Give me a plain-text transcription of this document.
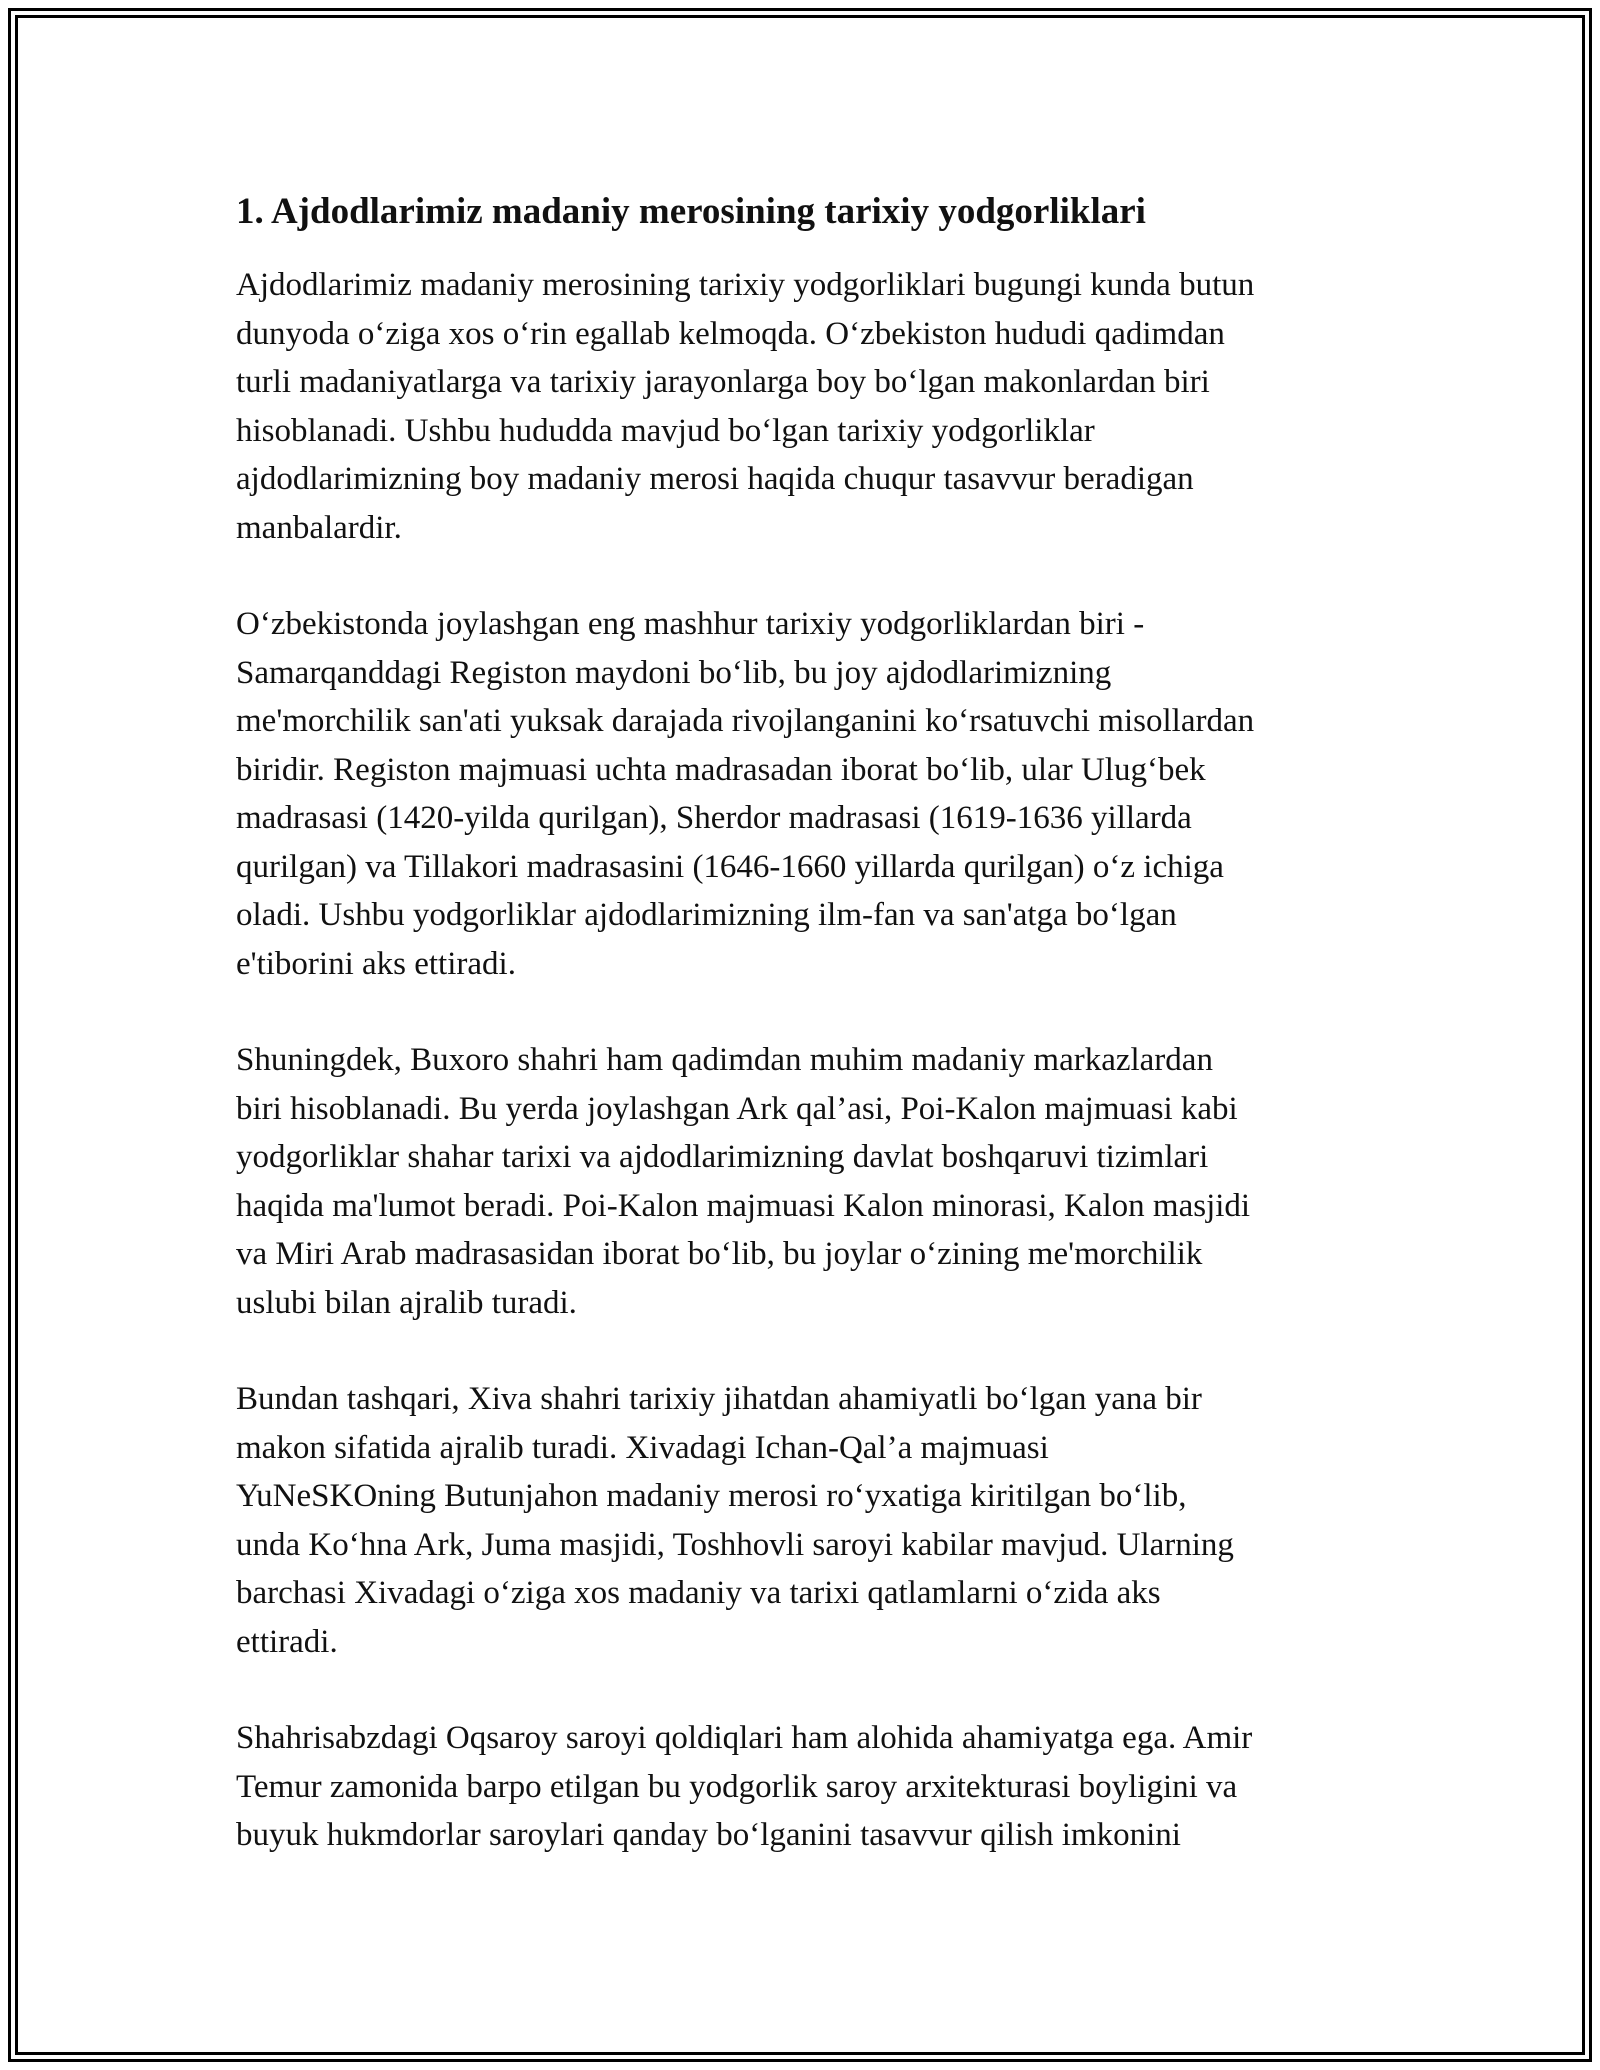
1. Ajdodlarimiz madaniy merosining tarixiy yodgorliklari
Ajdodlarimiz madaniy merosining tarixiy yodgorliklari bugungi kunda butun
dunyoda o‘ziga xos o‘rin egallab kelmoqda. O‘zbekiston hududi qadimdan
turli madaniyatlarga va tarixiy jarayonlarga boy bo‘lgan makonlardan biri
hisoblanadi. Ushbu hududda mavjud bo‘lgan tarixiy yodgorliklar
ajdodlarimizning boy madaniy merosi haqida chuqur tasavvur beradigan
manbalardir.
O‘zbekistonda joylashgan eng mashhur tarixiy yodgorliklardan biri -
Samarqanddagi Registon maydoni bo‘lib, bu joy ajdodlarimizning
me'morchilik san'ati yuksak darajada rivojlanganini ko‘rsatuvchi misollardan
biridir. Registon majmuasi uchta madrasadan iborat bo‘lib, ular Ulug‘bek
madrasasi (1420-yilda qurilgan), Sherdor madrasasi (1619-1636 yillarda
qurilgan) va Tillakori madrasasini (1646-1660 yillarda qurilgan) o‘z ichiga
oladi. Ushbu yodgorliklar ajdodlarimizning ilm-fan va san'atga bo‘lgan
e'tiborini aks ettiradi.
Shuningdek, Buxoro shahri ham qadimdan muhim madaniy markazlardan
biri hisoblanadi. Bu yerda joylashgan Ark qal’asi, Poi-Kalon majmuasi kabi
yodgorliklar shahar tarixi va ajdodlarimizning davlat boshqaruvi tizimlari
haqida ma'lumot beradi. Poi-Kalon majmuasi Kalon minorasi, Kalon masjidi
va Miri Arab madrasasidan iborat bo‘lib, bu joylar o‘zining me'morchilik
uslubi bilan ajralib turadi.
Bundan tashqari, Xiva shahri tarixiy jihatdan ahamiyatli bo‘lgan yana bir
makon sifatida ajralib turadi. Xivadagi Ichan-Qal’a majmuasi
YuNeSKOning Butunjahon madaniy merosi ro‘yxatiga kiritilgan bo‘lib,
unda Ko‘hna Ark, Juma masjidi, Toshhovli saroyi kabilar mavjud. Ularning
barchasi Xivadagi o‘ziga xos madaniy va tarixi qatlamlarni o‘zida aks
ettiradi.
Shahrisabzdagi Oqsaroy saroyi qoldiqlari ham alohida ahamiyatga ega. Amir
Temur zamonida barpo etilgan bu yodgorlik saroy arxitekturasi boyligini va
buyuk hukmdorlar saroylari qanday bo‘lganini tasavvur qilish imkonini
